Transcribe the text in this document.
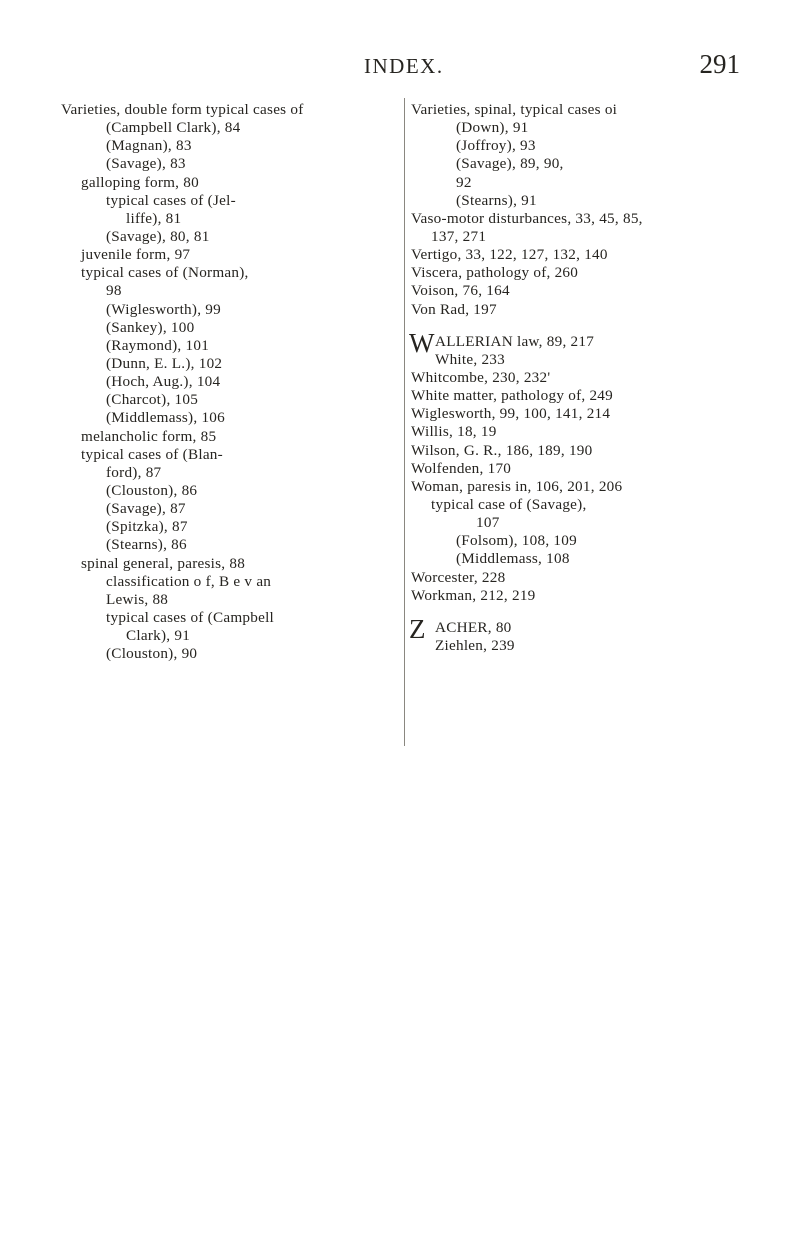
INDEX.	291
Varieties, double form typical cases of
(Campbell Clark), 84
(Magnan), 83
(Savage), 83
galloping form, 80
typical cases of (Jel-
liffe), 81
(Savage), 80, 81
juvenile form, 97
typical cases of (Norman),
98
(Wiglesworth), 99
(Sankey), 100
(Raymond), 101
(Dunn, E. L.), 102
(Hoch, Aug.), 104
(Charcot), 105
(Middlemass), 106
melancholic form, 85
typical cases of (Blan-
ford), 87
(Clouston), 86
(Savage), 87
(Spitzka), 87
(Stearns), 86
spinal general, paresis, 88
classification o f, B e v an
Lewis, 88
typical cases of (Campbell
Clark), 91
(Clouston), 90
Varieties, spinal, typical cases oi
(Down), 91
(Joffroy), 93
(Savage), 89, 90,
92
(Stearns), 91
Vaso-motor disturbances, 33, 45, 85,
137, 271
Vertigo, 33, 122, 127, 132, 140
Viscera, pathology of, 260
Voison, 76, 164
Von Rad, 197
W ALLERIAN law, 89, 217
White, 233
Whitcombe, 230, 232'
White matter, pathology of, 249
Wiglesworth, 99, 100, 141, 214
Willis, 18, 19
Wilson, G. R., 186, 189, 190
Wolfenden, 170
Woman, paresis in, 106, 201, 206
typical case of (Savage),
107
(Folsom), 108, 109
(Middlemass, 108
Worcester, 228
Workman, 212, 219
Z ACHER, 80
Ziehlen, 239
